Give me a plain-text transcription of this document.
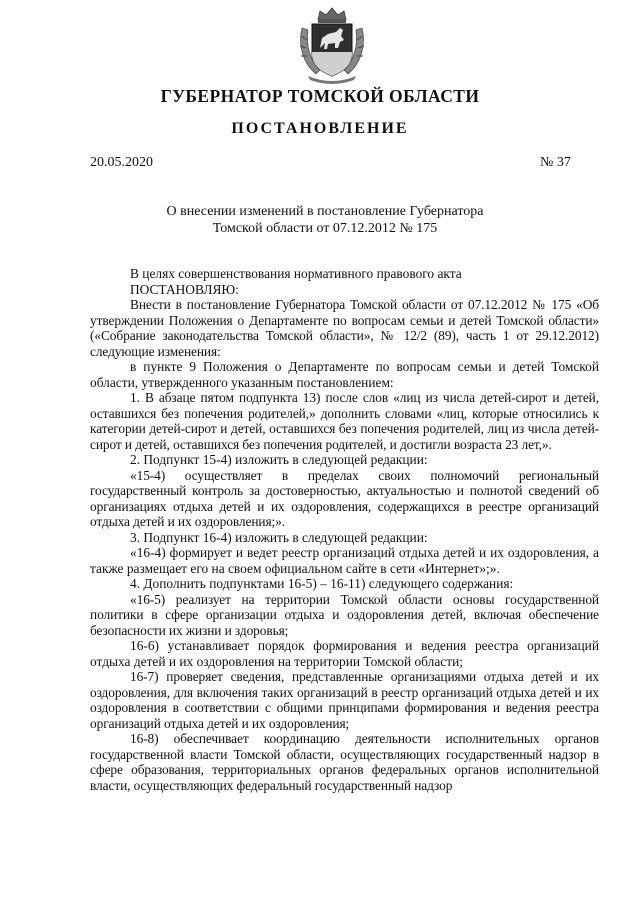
ГУБЕРНАТОР ТОМСКОЙ ОБЛАСТИ
ПОСТАНОВЛЕНИЕ
20.05.2020	№ 37
О внесении изменений в постановление Губернатора
Томской области от 07.12.2012 № 175

В целях совершенствования нормативного правового акта

ПОСТАНОВЛЯЮ:

Внести в постановление Губернатора Томской области от 07.12.2012 № 175 «Об утверждении Положения о Департаменте по вопросам семьи и детей Томской области» («Собрание законодательства Томской области», № 12/2 (89), часть 1 от 29.12.2012) следующие изменения:

в пункте 9 Положения о Департаменте по вопросам семьи и детей Томской области, утвержденного указанным постановлением:

1. В абзаце пятом подпункта 13) после слов «лиц из числа детей-сирот и детей, оставшихся без попечения родителей,» дополнить словами «лиц, которые относились к категории детей-сирот и детей, оставшихся без попечения родителей, лиц из числа детей-сирот и детей, оставшихся без попечения родителей, и достигли возраста 23 лет,».

2. Подпункт 15-4) изложить в следующей редакции:

«15-4) осуществляет в пределах своих полномочий региональный государственный контроль за достоверностью, актуальностью и полнотой сведений об организациях отдыха детей и их оздоровления, содержащихся в реестре организаций отдыха детей и их оздоровления;».

3. Подпункт 16-4) изложить в следующей редакции:

«16-4) формирует и ведет реестр организаций отдыха детей и их оздоровления, а также размещает его на своем официальном сайте в сети «Интернет»;».

4. Дополнить подпунктами 16-5) – 16-11) следующего содержания:

«16-5) реализует на территории Томской области основы государственной политики в сфере организации отдыха и оздоровления детей, включая обеспечение безопасности их жизни и здоровья;

16-6) устанавливает порядок формирования и ведения реестра организаций отдыха детей и их оздоровления на территории Томской области;

16-7) проверяет сведения, представленные организациями отдыха детей и их оздоровления, для включения таких организаций в реестр организаций отдыха детей и их оздоровления в соответствии с общими принципами формирования и ведения реестра организаций отдыха детей и их оздоровления;

16-8) обеспечивает координацию деятельности исполнительных органов государственной власти Томской области, осуществляющих государственный надзор в сфере образования, территориальных органов федеральных органов исполнительной власти, осуществляющих федеральный государственный надзор
